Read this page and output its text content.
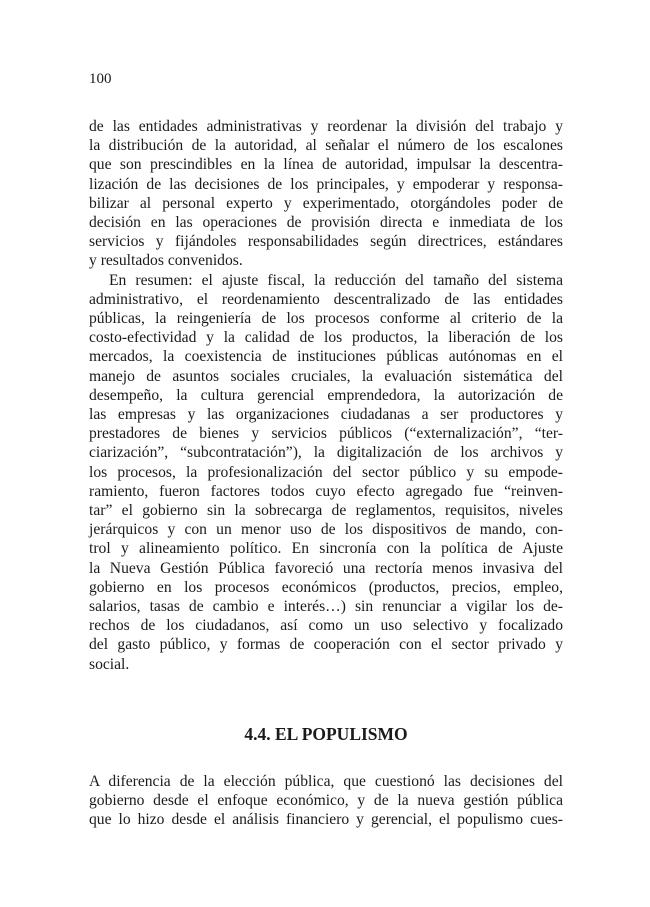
100
de las entidades administrativas y reordenar la división del trabajo y
la distribución de la autoridad, al señalar el número de los escalones
que son prescindibles en la línea de autoridad, impulsar la descentra-
lización de las decisiones de los principales, y empoderar y responsa-
bilizar al personal experto y experimentado, otorgándoles poder de
decisión en las operaciones de provisión directa e inmediata de los
servicios y fijándoles responsabilidades según directrices, estándares
y resultados convenidos.
En resumen: el ajuste fiscal, la reducción del tamaño del sistema
administrativo, el reordenamiento descentralizado de las entidades
públicas, la reingeniería de los procesos conforme al criterio de la
costo-efectividad y la calidad de los productos, la liberación de los
mercados, la coexistencia de instituciones públicas autónomas en el
manejo de asuntos sociales cruciales, la evaluación sistemática del
desempeño, la cultura gerencial emprendedora, la autorización de
las empresas y las organizaciones ciudadanas a ser productores y
prestadores de bienes y servicios públicos (“externalización”, “ter-
ciarización”, “subcontratación”), la digitalización de los archivos y
los procesos, la profesionalización del sector público y su empode-
ramiento, fueron factores todos cuyo efecto agregado fue “reinven-
tar” el gobierno sin la sobrecarga de reglamentos, requisitos, niveles
jerárquicos y con un menor uso de los dispositivos de mando, con-
trol y alineamiento político. En sincronía con la política de Ajuste
la Nueva Gestión Pública favoreció una rectoría menos invasiva del
gobierno en los procesos económicos (productos, precios, empleo,
salarios, tasas de cambio e interés…) sin renunciar a vigilar los de-
rechos de los ciudadanos, así como un uso selectivo y focalizado
del gasto público, y formas de cooperación con el sector privado y
social.
4.4. EL POPULISMO
A diferencia de la elección pública, que cuestionó las decisiones del
gobierno desde el enfoque económico, y de la nueva gestión pública
que lo hizo desde el análisis financiero y gerencial, el populismo cues-
